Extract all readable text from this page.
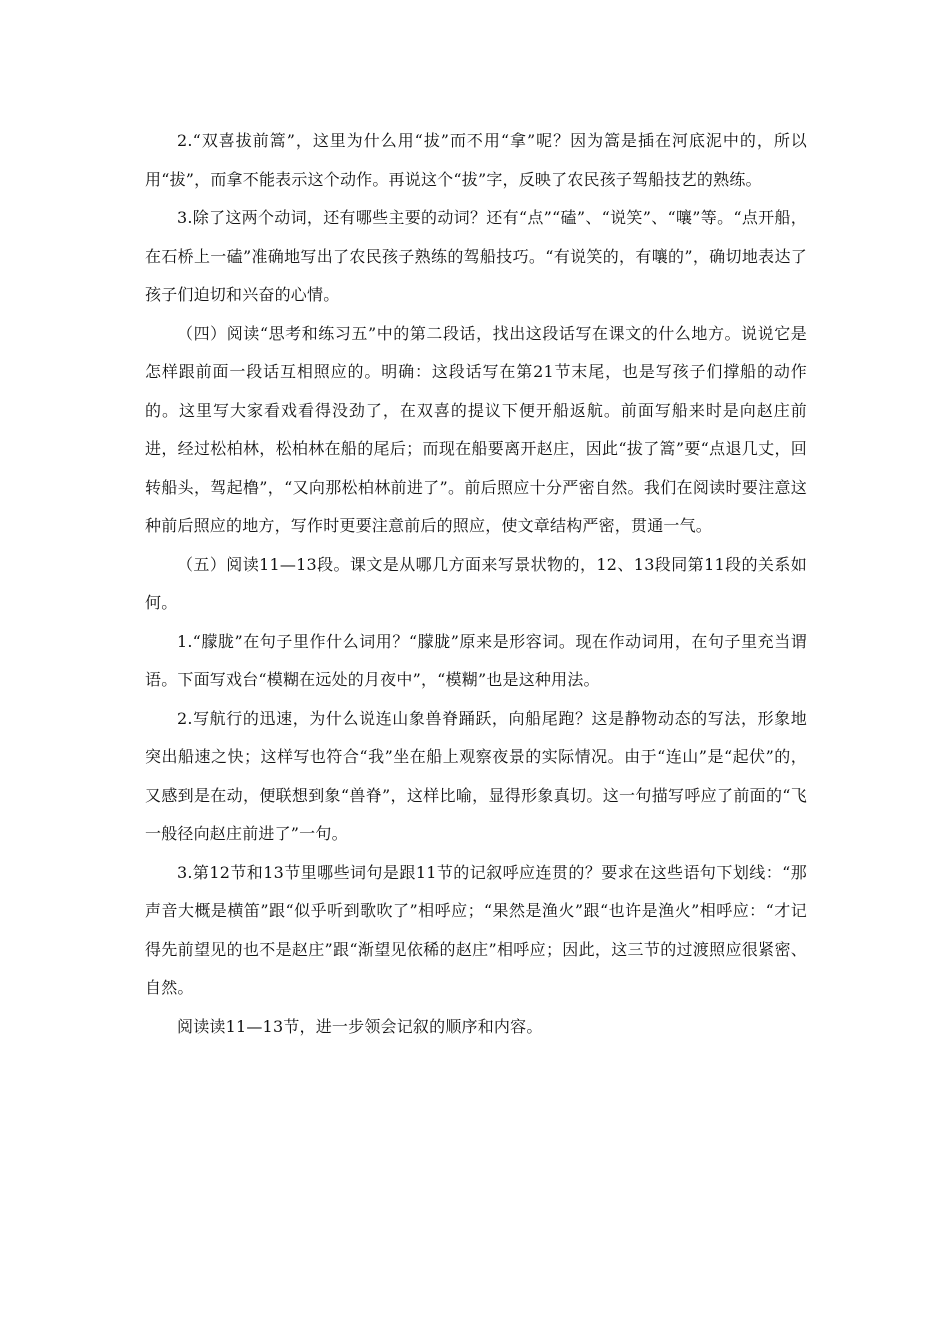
2.“双喜拔前篙”，这里为什么用“拔”而不用“拿”呢？因为篙是插在河底泥中的，所以用“拔”，而拿不能表示这个动作。再说这个“拔”字，反映了农民孩子驾船技艺的熟练。

3.除了这两个动词，还有哪些主要的动词？还有“点”“磕”、“说笑”、“嚷”等。“点开船，在石桥上一磕”准确地写出了农民孩子熟练的驾船技巧。“有说笑的，有嚷的”，确切地表达了孩子们迫切和兴奋的心情。

（四）阅读“思考和练习五”中的第二段话，找出这段话写在课文的什么地方。说说它是怎样跟前面一段话互相照应的。明确：这段话写在第21节末尾，也是写孩子们撑船的动作的。这里写大家看戏看得没劲了，在双喜的提议下便开船返航。前面写船来时是向赵庄前进，经过松柏林，松柏林在船的尾后；而现在船要离开赵庄，因此“拔了篙”要“点退几丈，回转船头，驾起橹”，“又向那松柏林前进了”。前后照应十分严密自然。我们在阅读时要注意这种前后照应的地方，写作时更要注意前后的照应，使文章结构严密，贯通一气。

（五）阅读11—13段。课文是从哪几方面来写景状物的，12、13段同第11段的关系如何。

1.“朦胧”在句子里作什么词用？“朦胧”原来是形容词。现在作动词用，在句子里充当谓语。下面写戏台“模糊在远处的月夜中”，“模糊”也是这种用法。

2.写航行的迅速，为什么说连山象兽脊踊跃，向船尾跑？这是静物动态的写法，形象地突出船速之快；这样写也符合“我”坐在船上观察夜景的实际情况。由于“连山”是“起伏”的，又感到是在动，便联想到象“兽脊”，这样比喻，显得形象真切。这一句描写呼应了前面的“飞一般径向赵庄前进了”一句。

3.第12节和13节里哪些词句是跟11节的记叙呼应连贯的？要求在这些语句下划线：“那声音大概是横笛”跟“似乎听到歌吹了”相呼应；“果然是渔火”跟“也许是渔火”相呼应：“才记得先前望见的也不是赵庄”跟“渐望见依稀的赵庄”相呼应；因此，这三节的过渡照应很紧密、自然。

阅读读11—13节，进一步领会记叙的顺序和内容。
